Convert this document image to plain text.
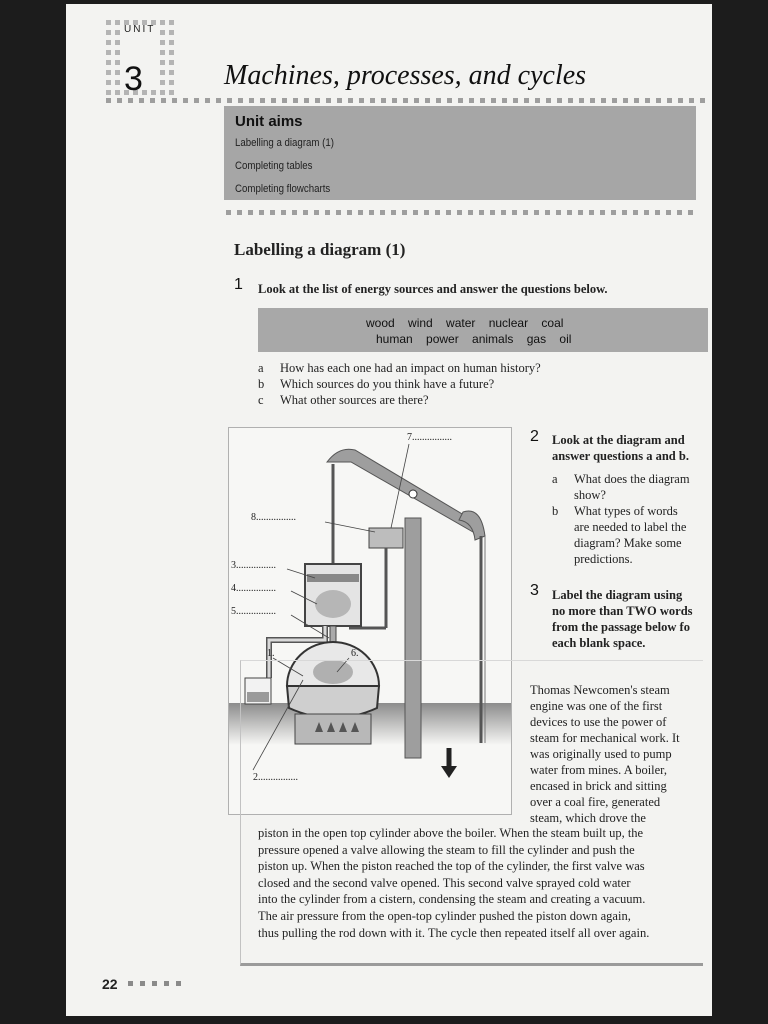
UNIT
3	Machines, processes, and cycles
Unit aims
Labelling a diagram (1)
Completing tables
Completing flowcharts
Labelling a diagram (1)
1 Look at the list of energy sources and answer the questions below.
wood wind water nuclear coal
human power animals gas oil
a How has each one had an impact on human history?
b Which sources do you think have a future?
c What other sources are there?
7................
8................
3................
4................
5................
1.	6.
2................
2 Look at the diagram and
answer questions a and b.
a What does the diagram
show?
b What types of words
are needed to label the
diagram? Make some
predictions.
3 Label the diagram using
no more than TWO words
from the passage below fo
each blank space.
Thomas Newcomen's steam
engine was one of the first
devices to use the power of
steam for mechanical work. It
was originally used to pump
water from mines. A boiler,
encased in brick and sitting
over a coal fire, generated
steam, which drove the
piston in the open top cylinder above the boiler. When the steam built up, the
pressure opened a valve allowing the steam to fill the cylinder and push the
piston up. When the piston reached the top of the cylinder, the first valve was
closed and the second valve opened. This second valve sprayed cold water
into the cylinder from a cistern, condensing the steam and creating a vacuum.
The air pressure from the open-top cylinder pushed the piston down again,
thus pulling the rod down with it. The cycle then repeated itself all over again.
22
